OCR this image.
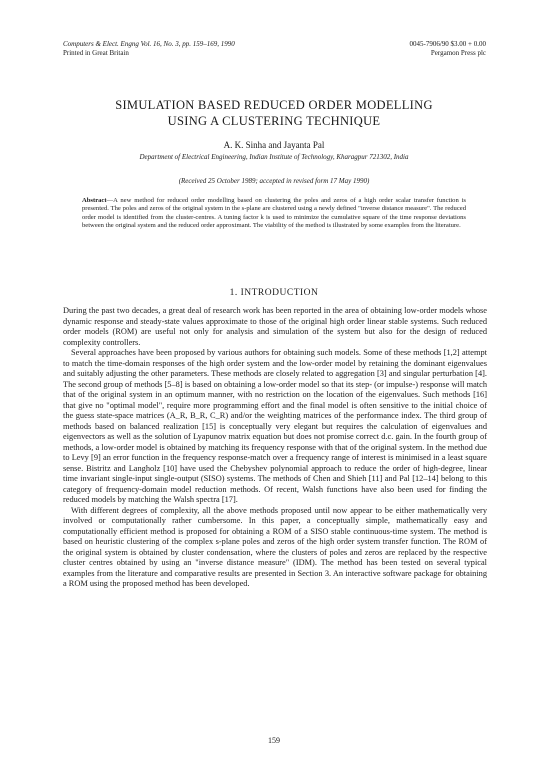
Computers & Elect. Engng Vol. 16, No. 3, pp. 159–169, 1990
Printed in Great Britain
0045-7906/90 $3.00 + 0.00
Pergamon Press plc
SIMULATION BASED REDUCED ORDER MODELLING
USING A CLUSTERING TECHNIQUE
A. K. Sinha and Jayanta Pal
Department of Electrical Engineering, Indian Institute of Technology, Kharagpur 721302, India
(Received 25 October 1989; accepted in revised form 17 May 1990)
Abstract—A new method for reduced order modelling based on clustering the poles and zeros of a high order scalar transfer function is presented. The poles and zeros of the original system in the s-plane are clustered using a newly defined "inverse distance measure". The reduced order model is identified from the cluster-centres. A tuning factor k is used to minimize the cumulative square of the time response deviations between the original system and the reduced order approximant. The viability of the method is illustrated by some examples from the literature.
1. INTRODUCTION

During the past two decades, a great deal of research work has been reported in the area of obtaining low-order models whose dynamic response and steady-state values approximate to those of the original high order linear stable systems. Such reduced order models (ROM) are useful not only for analysis and simulation of the system but also for the design of reduced complexity controllers.

Several approaches have been proposed by various authors for obtaining such models. Some of these methods [1,2] attempt to match the time-domain responses of the high order system and the low-order model by retaining the dominant eigenvalues and suitably adjusting the other parameters. These methods are closely related to aggregation [3] and singular perturbation [4]. The second group of methods [5–8] is based on obtaining a low-order model so that its step- (or impulse-) response will match that of the original system in an optimum manner, with no restriction on the location of the eigenvalues. Such methods [16] that give no "optimal model", require more programming effort and the final model is often sensitive to the initial choice of the guess state-space matrices (A_R, B_R, C_R) and/or the weighting matrices of the performance index. The third group of methods based on balanced realization [15] is conceptually very elegant but requires the calculation of eigenvalues and eigenvectors as well as the solution of Lyapunov matrix equation but does not promise correct d.c. gain. In the fourth group of methods, a low-order model is obtained by matching its frequency response with that of the original system. In the method due to Levy [9] an error function in the frequency response-match over a frequency range of interest is minimised in a least square sense. Bistritz and Langholz [10] have used the Chebyshev polynomial approach to reduce the order of high-degree, linear time invariant single-input single-output (SISO) systems. The methods of Chen and Shieh [11] and Pal [12–14] belong to this category of frequency-domain model reduction methods. Of recent, Walsh functions have also been used for finding the reduced models by matching the Walsh spectra [17].

With different degrees of complexity, all the above methods proposed until now appear to be either mathematically very involved or computationally rather cumbersome. In this paper, a conceptually simple, mathematically easy and computationally efficient method is proposed for obtaining a ROM of a SISO stable continuous-time system. The method is based on heuristic clustering of the complex s-plane poles and zeros of the high order system transfer function. The ROM of the original system is obtained by cluster condensation, where the clusters of poles and zeros are replaced by the respective cluster centres obtained by using an "inverse distance measure" (IDM). The method has been tested on several typical examples from the literature and comparative results are presented in Section 3. An interactive software package for obtaining a ROM using the proposed method has been developed.

159
